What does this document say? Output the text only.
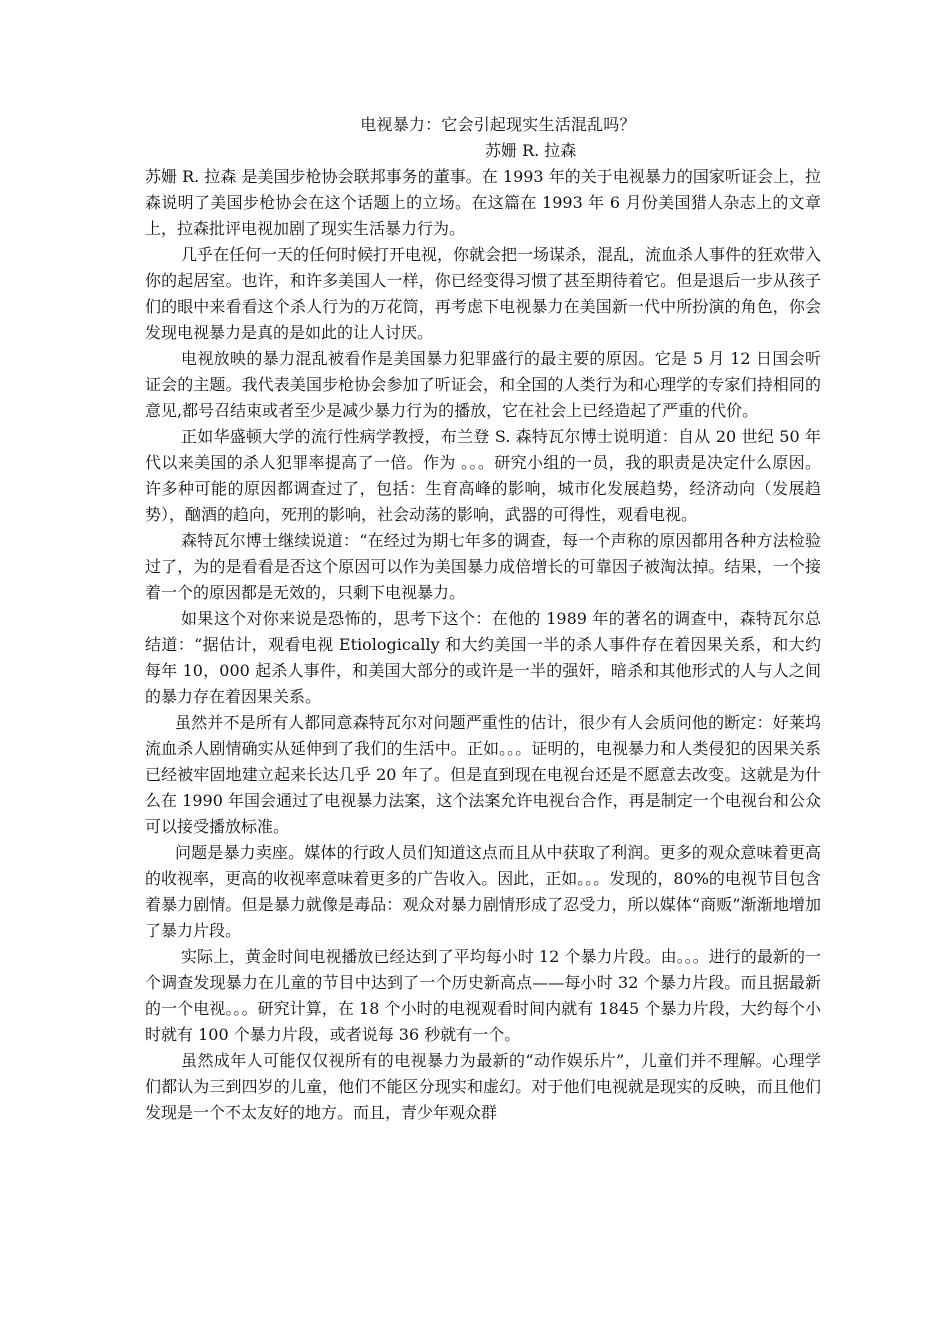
电视暴力：它会引起现实生活混乱吗？

苏姗 R. 拉森

苏姗 R. 拉森 是美国步枪协会联邦事务的董事。在 1993 年的关于电视暴力的国家听证会上，拉森说明了美国步枪协会在这个话题上的立场。在这篇在 1993 年 6 月份美国猎人杂志上的文章上，拉森批评电视加剧了现实生活暴力行为。

几乎在任何一天的任何时候打开电视，你就会把一场谋杀，混乱，流血杀人事件的狂欢带入你的起居室。也许，和许多美国人一样，你已经变得习惯了甚至期待着它。但是退后一步从孩子们的眼中来看看这个杀人行为的万花筒，再考虑下电视暴力在美国新一代中所扮演的角色，你会发现电视暴力是真的是如此的让人讨厌。

电视放映的暴力混乱被看作是美国暴力犯罪盛行的最主要的原因。它是 5 月 12 日国会听证会的主题。我代表美国步枪协会参加了听证会，和全国的人类行为和心理学的专家们持相同的意见,都号召结束或者至少是减少暴力行为的播放，它在社会上已经造起了严重的代价。

正如华盛顿大学的流行性病学教授，布兰登 S. 森特瓦尔博士说明道：自从 20 世纪 50 年代以来美国的杀人犯罪率提高了一倍。作为 。。。研究小组的一员，我的职责是决定什么原因。许多种可能的原因都调查过了，包括：生育高峰的影响，城市化发展趋势，经济动向（发展趋势），酗酒的趋向，死刑的影响，社会动荡的影响，武器的可得性，观看电视。

森特瓦尔博士继续说道：“在经过为期七年多的调查，每一个声称的原因都用各种方法检验过了，为的是看看是否这个原因可以作为美国暴力成倍增长的可靠因子被淘汰掉。结果，一个接着一个的原因都是无效的，只剩下电视暴力。

如果这个对你来说是恐怖的，思考下这个：在他的 1989 年的著名的调查中，森特瓦尔总结道：“据估计，观看电视 Etiologically 和大约美国一半的杀人事件存在着因果关系，和大约每年 10，000 起杀人事件，和美国大部分的或许是一半的强奸，暗杀和其他形式的人与人之间的暴力存在着因果关系。

虽然并不是所有人都同意森特瓦尔对问题严重性的估计，很少有人会质问他的断定：好莱坞流血杀人剧情确实从延伸到了我们的生活中。正如。。。证明的，电视暴力和人类侵犯的因果关系已经被牢固地建立起来长达几乎 20 年了。但是直到现在电视台还是不愿意去改变。这就是为什么在 1990 年国会通过了电视暴力法案，这个法案允许电视台合作，再是制定一个电视台和公众可以接受播放标准。

问题是暴力卖座。媒体的行政人员们知道这点而且从中获取了利润。更多的观众意味着更高的收视率，更高的收视率意味着更多的广告收入。因此，正如。。。发现的，80%的电视节目包含着暴力剧情。但是暴力就像是毒品：观众对暴力剧情形成了忍受力，所以媒体“商贩”渐渐地增加了暴力片段。

实际上，黄金时间电视播放已经达到了平均每小时 12 个暴力片段。由。。。进行的最新的一个调查发现暴力在儿童的节目中达到了一个历史新高点——每小时 32 个暴力片段。而且据最新的一个电视。。。研究计算，在 18 个小时的电视观看时间内就有 1845 个暴力片段，大约每个小时就有 100 个暴力片段，或者说每 36 秒就有一个。

虽然成年人可能仅仅视所有的电视暴力为最新的“动作娱乐片”，儿童们并不理解。心理学们都认为三到四岁的儿童，他们不能区分现实和虚幻。对于他们电视就是现实的反映，而且他们发现是一个不太友好的地方。而且，青少年观众群
